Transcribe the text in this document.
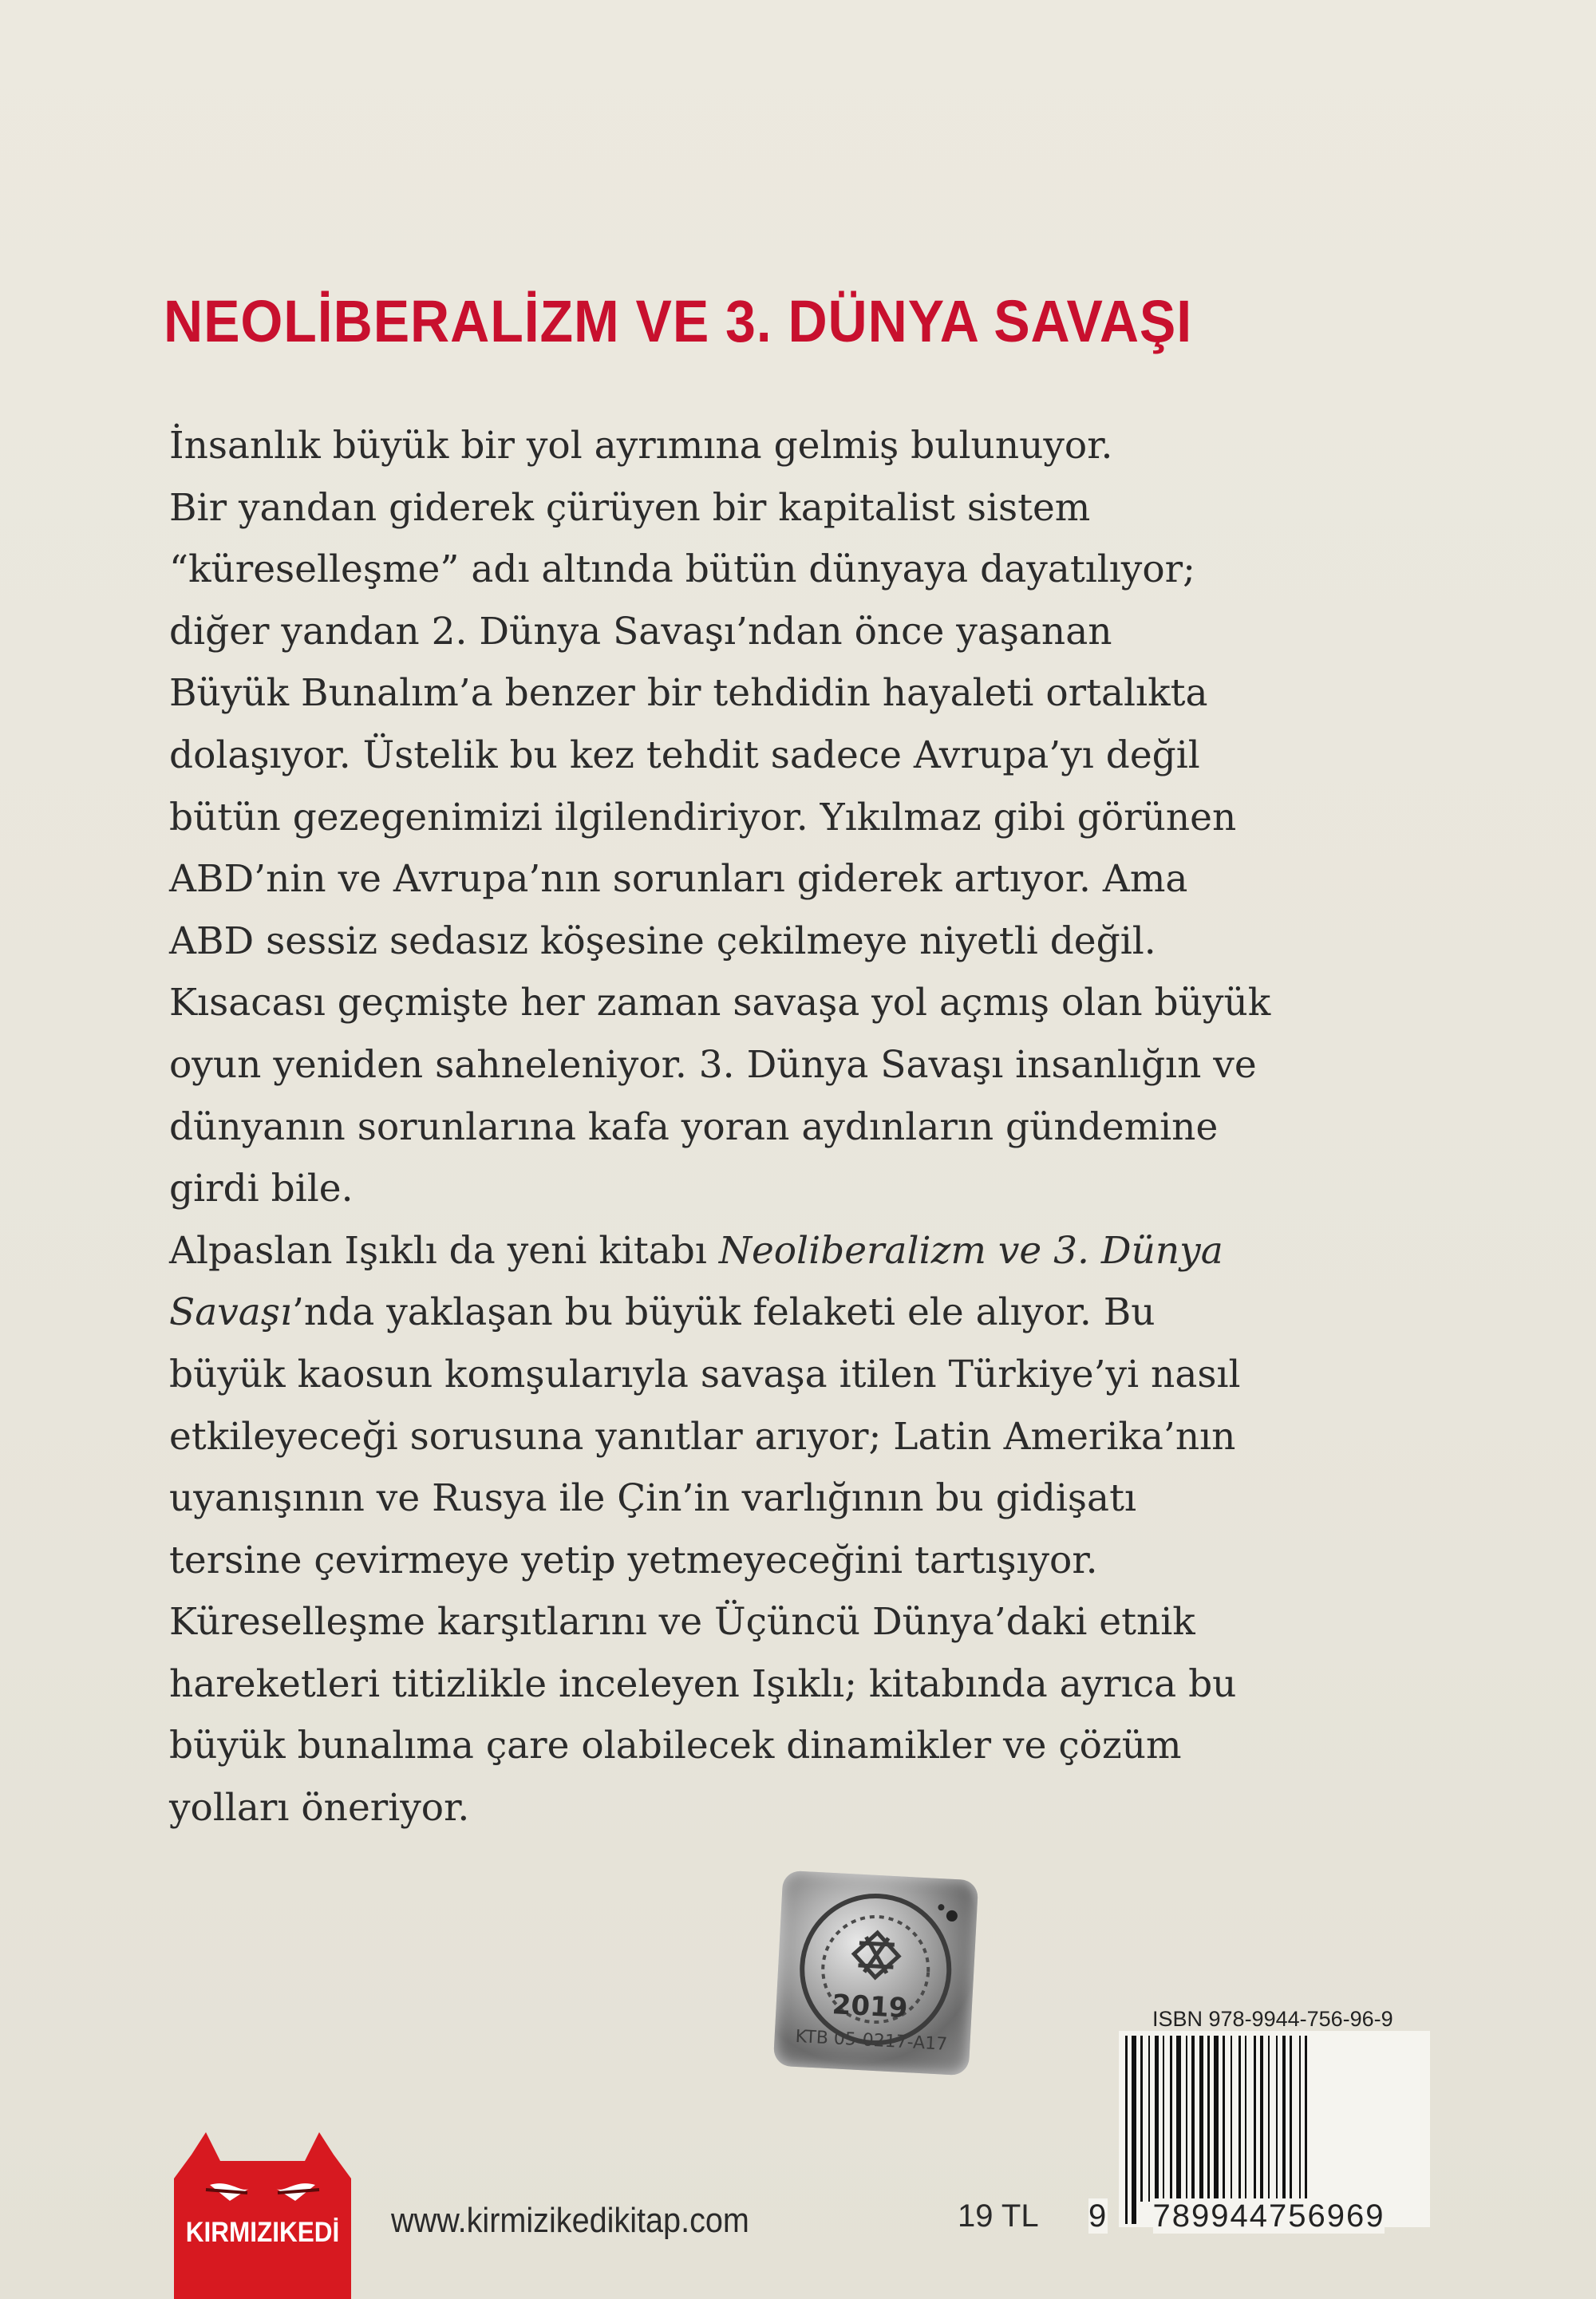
NEOLİBERALİZM VE 3. DÜNYA SAVAŞI
İnsanlık büyük bir yol ayrımına gelmiş bulunuyor.
Bir yandan giderek çürüyen bir kapitalist sistem
“küreselleşme” adı altında bütün dünyaya dayatılıyor;
diğer yandan 2. Dünya Savaşı’ndan önce yaşanan
Büyük Bunalım’a benzer bir tehdidin hayaleti ortalıkta
dolaşıyor. Üstelik bu kez tehdit sadece Avrupa’yı değil
bütün gezegenimizi ilgilendiriyor. Yıkılmaz gibi görünen
ABD’nin ve Avrupa’nın sorunları giderek artıyor. Ama
ABD sessiz sedasız köşesine çekilmeye niyetli değil.
Kısacası geçmişte her zaman savaşa yol açmış olan büyük
oyun yeniden sahneleniyor. 3. Dünya Savaşı insanlığın ve
dünyanın sorunlarına kafa yoran aydınların gündemine
girdi bile.
Alpaslan Işıklı da yeni kitabı Neoliberalizm ve 3. Dünya
Savaşı’nda yaklaşan bu büyük felaketi ele alıyor. Bu
büyük kaosun komşularıyla savaşa itilen Türkiye’yi nasıl
etkileyeceği sorusuna yanıtlar arıyor; Latin Amerika’nın
uyanışının ve Rusya ile Çin’in varlığının bu gidişatı
tersine çevirmeye yetip yetmeyeceğini tartışıyor.
Küreselleşme karşıtlarını ve Üçüncü Dünya’daki etnik
hareketleri titizlikle inceleyen Işıklı; kitabında ayrıca bu
büyük bunalıma çare olabilecek dinamikler ve çözüm
yolları öneriyor.
2019
KTB 05-0217-A17
ISBN 978-9944-756-96-9
9 789944756969
19 TL
www.kirmizikedikitap.com
KIRMIZIKEDİ
